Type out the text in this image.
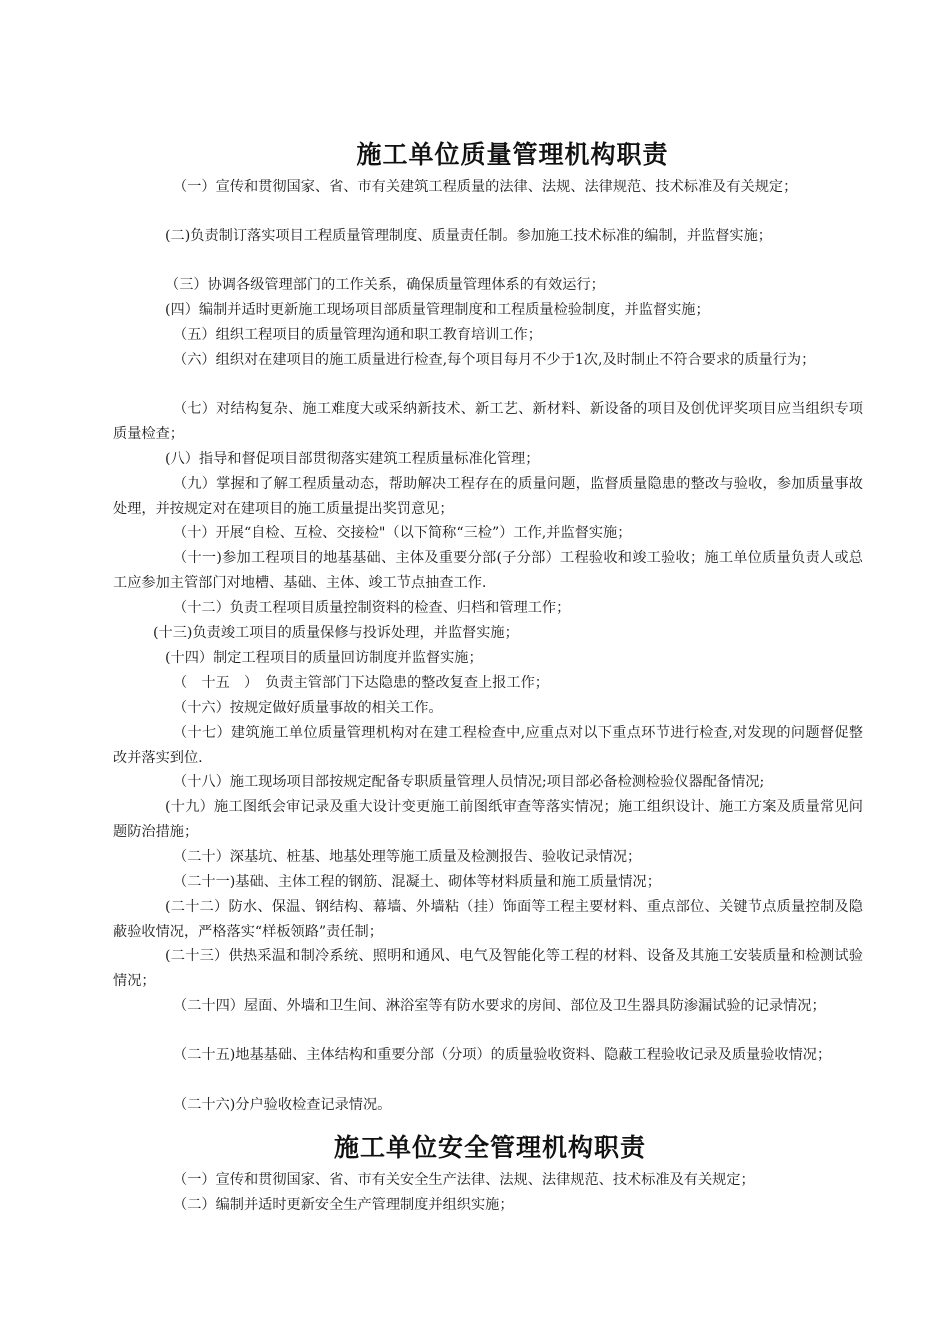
施工单位质量管理机构职责

（一）宣传和贯彻国家、省、市有关建筑工程质量的法律、法规、法律规范、技术标准及有关规定；

(二)负责制订落实项目工程质量管理制度、质量责任制。参加施工技术标准的编制，并监督实施；

（三）协调各级管理部门的工作关系，确保质量管理体系的有效运行；

(四）编制并适时更新施工现场项目部质量管理制度和工程质量检验制度，并监督实施；

（五）组织工程项目的质量管理沟通和职工教育培训工作；

（六）组织对在建项目的施工质量进行检查,每个项目每月不少于1次,及时制止不符合要求的质量行为；

（七）对结构复杂、施工难度大或采纳新技术、新工艺、新材料、新设备的项目及创优评奖项目应当组织专项质量检查；

(八）指导和督促项目部贯彻落实建筑工程质量标准化管理；

（九）掌握和了解工程质量动态，帮助解决工程存在的质量问题，监督质量隐患的整改与验收，参加质量事故处理，并按规定对在建项目的施工质量提出奖罚意见；

（十）开展“自检、互检、交接检"（以下简称“三检”）工作,并监督实施；

（十一)参加工程项目的地基基础、主体及重要分部(子分部）工程验收和竣工验收；施工单位质量负责人或总工应参加主管部门对地槽、基础、主体、竣工节点抽查工作.

（十二）负责工程项目质量控制资料的检查、归档和管理工作；

(十三)负责竣工项目的质量保修与投诉处理，并监督实施；

(十四）制定工程项目的质量回访制度并监督实施；

（　十五　）　负责主管部门下达隐患的整改复查上报工作；

（十六）按规定做好质量事故的相关工作。

（十七）建筑施工单位质量管理机构对在建工程检查中,应重点对以下重点环节进行检查,对发现的问题督促整改并落实到位.

（十八）施工现场项目部按规定配备专职质量管理人员情况;项目部必备检测检验仪器配备情况;

(十九）施工图纸会审记录及重大设计变更施工前图纸审查等落实情况；施工组织设计、施工方案及质量常见问题防治措施；

（二十）深基坑、桩基、地基处理等施工质量及检测报告、验收记录情况；

（二十一)基础、主体工程的钢筋、混凝土、砌体等材料质量和施工质量情况；

(二十二）防水、保温、钢结构、幕墙、外墙粘（挂）饰面等工程主要材料、重点部位、关键节点质量控制及隐蔽验收情况，严格落实“样板领路”责任制；

(二十三）供热采温和制冷系统、照明和通风、电气及智能化等工程的材料、设备及其施工安装质量和检测试验情况；

（二十四）屋面、外墙和卫生间、淋浴室等有防水要求的房间、部位及卫生器具防渗漏试验的记录情况；

（二十五)地基基础、主体结构和重要分部（分项）的质量验收资料、隐蔽工程验收记录及质量验收情况；

（二十六)分户验收检查记录情况。

施工单位安全管理机构职责

（一）宣传和贯彻国家、省、市有关安全生产法律、法规、法律规范、技术标准及有关规定；

（二）编制并适时更新安全生产管理制度并组织实施；
